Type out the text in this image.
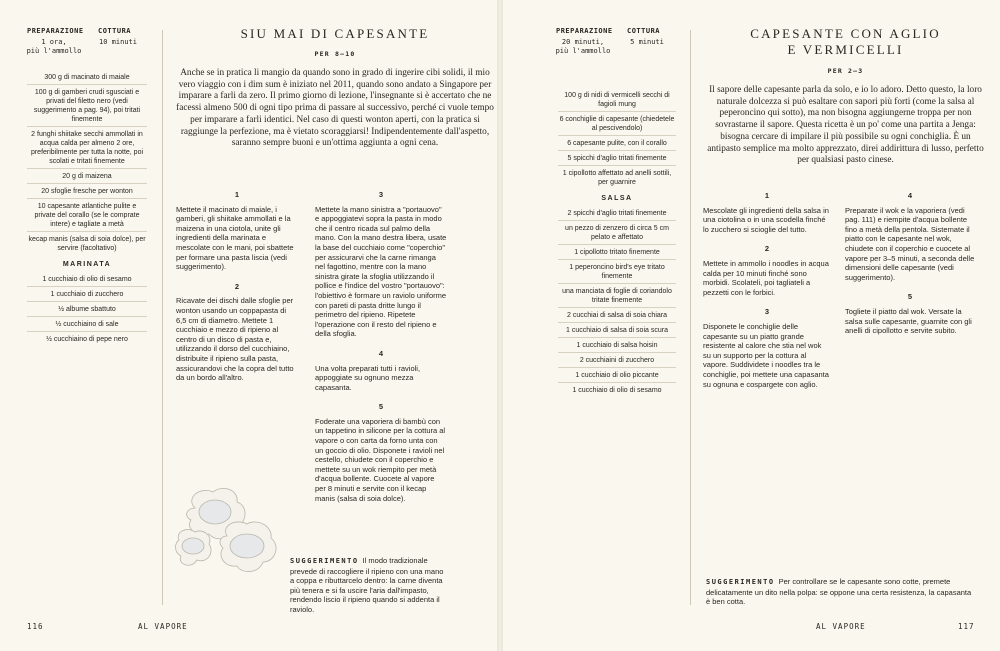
PREPARAZIONE
1 ora,
più l'ammollo
COTTURA
10 minuti
300 g di macinato di maiale
100 g di gamberi crudi sgusciati e privati del filetto nero (vedi suggerimento a pag. 94), poi tritati finemente
2 funghi shiitake secchi ammollati in acqua calda per almeno 2 ore, preferibilmente per tutta la notte, poi scolati e tritati finemente
20 g di maizena
20 sfoglie fresche per wonton
10 capesante atlantiche pulite e private del corallo (se le comprate intere) e tagliate a metà
kecap manis (salsa di soia dolce), per servire (facoltativo)
MARINATA
1 cucchiaio di olio di sesamo
1 cucchiaio di zucchero
½ albume sbattuto
½ cucchiaino di sale
½ cucchiaino di pepe nero
SIU MAI DI CAPESANTE
PER 8–10
Anche se in pratica li mangio da quando sono in grado di ingerire cibi solidi, il mio vero viaggio con i dim sum è iniziato nel 2011, quando sono andato a Singapore per imparare a farli da zero. Il primo giorno di lezione, l'insegnante si è accertato che ne facessi almeno 500 di ogni tipo prima di passare al successivo, perché ci vuole tempo per imparare a farli identici. Nel caso di questi wonton aperti, con la pratica si raggiunge la perfezione, ma è vietato scoraggiarsi! Indipendentemente dall'aspetto, saranno sempre buoni e un'ottima aggiunta a ogni cena.
1

Mettete il macinato di maiale, i gamberi, gli shiitake ammollati e la maizena in una ciotola, unite gli ingredienti della marinata e mescolate con le mani, poi sbattete per formare una pasta liscia (vedi suggerimento).

2

Ricavate dei dischi dalle sfoglie per wonton usando un coppapasta di 6,5 cm di diametro. Mettete 1 cucchiaio e mezzo di ripieno al centro di un disco di pasta e, utilizzando il dorso del cucchiaino, distribuite il ripieno sulla pasta, assicurandovi che la copra del tutto da un bordo all'altro.

3

Mettete la mano sinistra a "portauovo" e appoggiatevi sopra la pasta in modo che il centro ricada sul palmo della mano. Con la mano destra libera, usate la base del cucchiaio come "coperchio" per assicurarvi che la carne rimanga nel fagottino, mentre con la mano sinistra girate la sfoglia utilizzando il pollice e l'indice del vostro "portauovo": l'obiettivo è formare un raviolo uniforme con pareti di pasta dritte lungo il perimetro del ripieno. Ripetete l'operazione con il resto del ripieno e della sfoglia.

4

Una volta preparati tutti i ravioli, appoggiate su ognuno mezza capasanta.

5

Foderate una vaporiera di bambù con un tappetino in silicone per la cottura al vapore o con carta da forno unta con un goccio di olio. Disponete i ravioli nel cestello, chiudete con il coperchio e mettete su un wok riempito per metà d'acqua bollente. Cuocete al vapore per 8 minuti e servite con il kecap manis (salsa di soia dolce).

SUGGERIMENTO Il modo tradizionale prevede di raccogliere il ripieno con una mano a coppa e ributtarcelo dentro: la carne diventa più tenera e si fa uscire l'aria dall'impasto, rendendo liscio il ripieno quando si addenta il raviolo.
116	AL VAPORE
PREPARAZIONE
20 minuti,
più l'ammollo
COTTURA
5 minuti
100 g di nidi di vermicelli secchi di fagioli mung
6 conchiglie di capesante (chiedetele al pescivendolo)
6 capesante pulite, con il corallo
5 spicchi d'aglio tritati finemente
1 cipollotto affettato ad anelli sottili, per guarnire
SALSA
2 spicchi d'aglio tritati finemente
un pezzo di zenzero di circa 5 cm pelato e affettato
1 cipollotto tritato finemente
1 peperoncino bird's eye tritato finemente
una manciata di foglie di coriandolo tritate finemente
2 cucchiai di salsa di soia chiara
1 cucchiaio di salsa di soia scura
1 cucchiaio di salsa hoisin
2 cucchiaini di zucchero
1 cucchiaio di olio piccante
1 cucchiaio di olio di sesamo
CAPESANTE CON AGLIO
E VERMICELLI
PER 2–3
Il sapore delle capesante parla da solo, e io lo adoro. Detto questo, la loro naturale dolcezza si può esaltare con sapori più forti (come la salsa al peperoncino qui sotto), ma non bisogna aggiungerne troppa per non sovrastarne il sapore. Questa ricetta è un po' come una partita a Jenga: bisogna cercare di impilare il più possibile su ogni conchiglia. È un antipasto semplice ma molto apprezzato, direi addirittura di lusso, perfetto per qualsiasi pasto cinese.
1

Mescolate gli ingredienti della salsa in una ciotolina o in una scodella finché lo zucchero si scioglie del tutto.

2

Mettete in ammollo i noodles in acqua calda per 10 minuti finché sono morbidi. Scolateli, poi tagliateli a pezzetti con le forbici.

3

Disponete le conchiglie delle capesante su un piatto grande resistente al calore che stia nel wok su un supporto per la cottura al vapore. Suddividete i noodles tra le conchiglie, poi mettete una capasanta su ognuna e cospargete con aglio.

4

Preparate il wok e la vaporiera (vedi pag. 111) e riempite d'acqua bollente fino a metà della pentola. Sistemate il piatto con le capesante nel wok, chiudete con il coperchio e cuocete al vapore per 3–5 minuti, a seconda delle dimensioni delle capesante (vedi suggerimento).

5

Togliete il piatto dal wok. Versate la salsa sulle capesante, guarnite con gli anelli di cipollotto e servite subito.

SUGGERIMENTO Per controllare se le capesante sono cotte, premete delicatamente un dito nella polpa: se oppone una certa resistenza, la capasanta è ben cotta.
AL VAPORE	117
